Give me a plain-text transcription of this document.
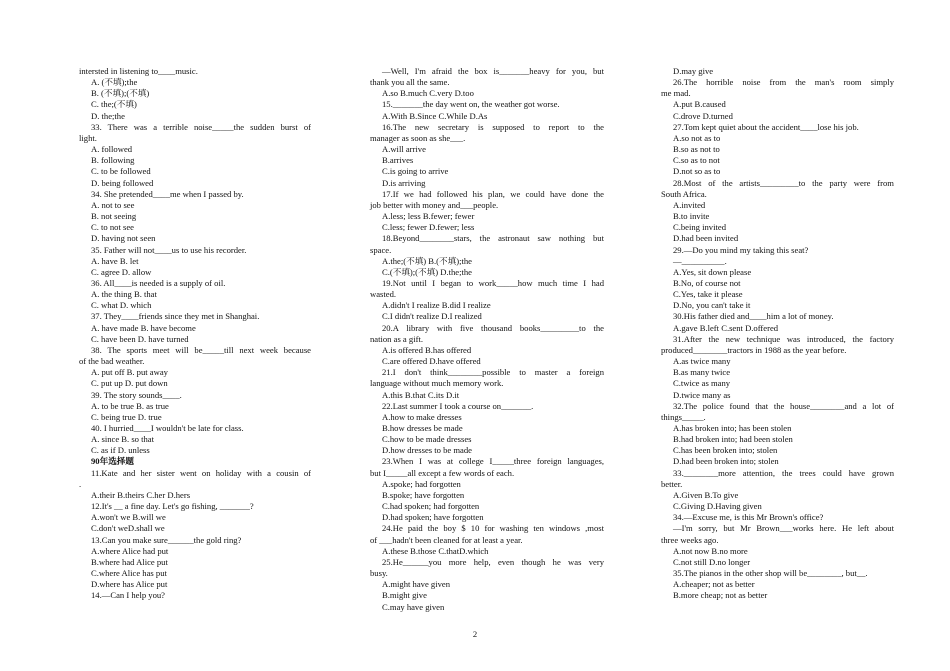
intersted in listening to____music.
A. (不填);the
B. (不填);(不填)
C. the;(不填)
D. the;the
33. There was a terrible noise_____the sudden burst of
light.
A. followed
B. following
C. to be followed
D. being followed
34. She pretended____me when I passed by.
A. not to see
B. not seeing
C. to not see
D. having not seen
35. Father will not____us to use his recorder.
A. have B. let
C. agree D. allow
36. All____is needed is a supply of oil.
A. the thing B. that
C. what D. which
37. They____friends since they met in Shanghai.
A. have made B. have become
C. have been D. have turned
38. The sports meet will be_____till next week because
of the bad weather.
A. put off B. put away
C. put up D. put down
39. The story sounds____.
A. to be true B. as true
C. being true D. true
40. I hurried____I wouldn't be late for class.
A. since B. so that
C. as if D. unless
90年选择题
11.Kate and her sister went on holiday with a cousin of
.
A.their B.theirs C.her D.hers
12.It's __ a fine day. Let's go fishing, _______?
A.won't we B.will we
C.don't weD.shall we
13.Can you make sure______the gold ring?
A.where Alice had put
B.where had Alice put
C.where Alice has put
D.where has Alice put
14.—Can I help you?
—Well, I'm afraid the box is_______heavy for you, but
thank you all the same.
A.so B.much C.very D.too
15._______the day went on, the weather got worse.
A.With B.Since C.While D.As
16.The new secretary is supposed to report to the
manager as soon as she___.
A.will arrive
B.arrives
C.is going to arrive
D.is arriving
17.If we had followed his plan, we could have done the
job better with money and___people.
A.less; less B.fewer; fewer
C.less; fewer D.fewer; less
18.Beyond________stars, the astronaut saw nothing but
space.
A.the;(不填) B.(不填);the
C.(不填);(不填) D.the;the
19.Not until I began to work_____how much time I had
wasted.
A.didn't I realize B.did I realize
C.I didn't realize D.I realized
20.A library with five thousand books_________to the
nation as a gift.
A.is offered B.has offered
C.are offered D.have offered
21.I don't think________possible to master a foreign
language without much memory work.
A.this B.that C.its D.it
22.Last summer I took a course on_______.
A.how to make dresses
B.how dresses be made
C.how to be made dresses
D.how dresses to be made
23.When I was at college I_____three foreign languages,
but I_____all except a few words of each.
A.spoke; had forgotten
B.spoke; have forgotten
C.had spoken; had forgotten
D.had spoken; have forgotten
24.He paid the boy $ 10 for washing ten windows ,most
of ___hadn't been cleaned for at least a year.
A.these B.those C.thatD.which
25.He______you more help, even though he was very
busy.
A.might have given
B.might give
C.may have given
D.may give
26.The horrible noise from the man's room simply
me mad.
A.put B.caused
C.drove D.turned
27.Tom kept quiet about the accident____lose his job.
A.so not as to
B.so as not to
C.so as to not
D.not so as to
28.Most of the artists_________to the party were from
South Africa.
A.invited
B.to invite
C.being invited
D.had been invited
29.—Do you mind my taking this seat?
—__________.
A.Yes, sit down please
B.No, of course not
C.Yes, take it please
D.No, you can't take it
30.His father died and____him a lot of money.
A.gave B.left C.sent D.offered
31.After the new technique was introduced, the factory
produced________tractors in 1988 as the year before.
A.as twice many
B.as many twice
C.twice as many
D.twice many as
32.The police found that the house________and a lot of
things_____.
A.has broken into; has been stolen
B.had broken into; had been stolen
C.has been broken into; stolen
D.had been broken into; stolen
33.________more attention, the trees could have grown
better.
A.Given B.To give
C.Giving D.Having given
34.—Excuse me, is this Mr Brown's office?
—I'm sorry, but Mr Brown___works here. He left about
three weeks ago.
A.not now B.no more
C.not still D.no longer
35.The pianos in the other shop will be________, but__.
A.cheaper; not as better
B.more cheap; not as better
2
